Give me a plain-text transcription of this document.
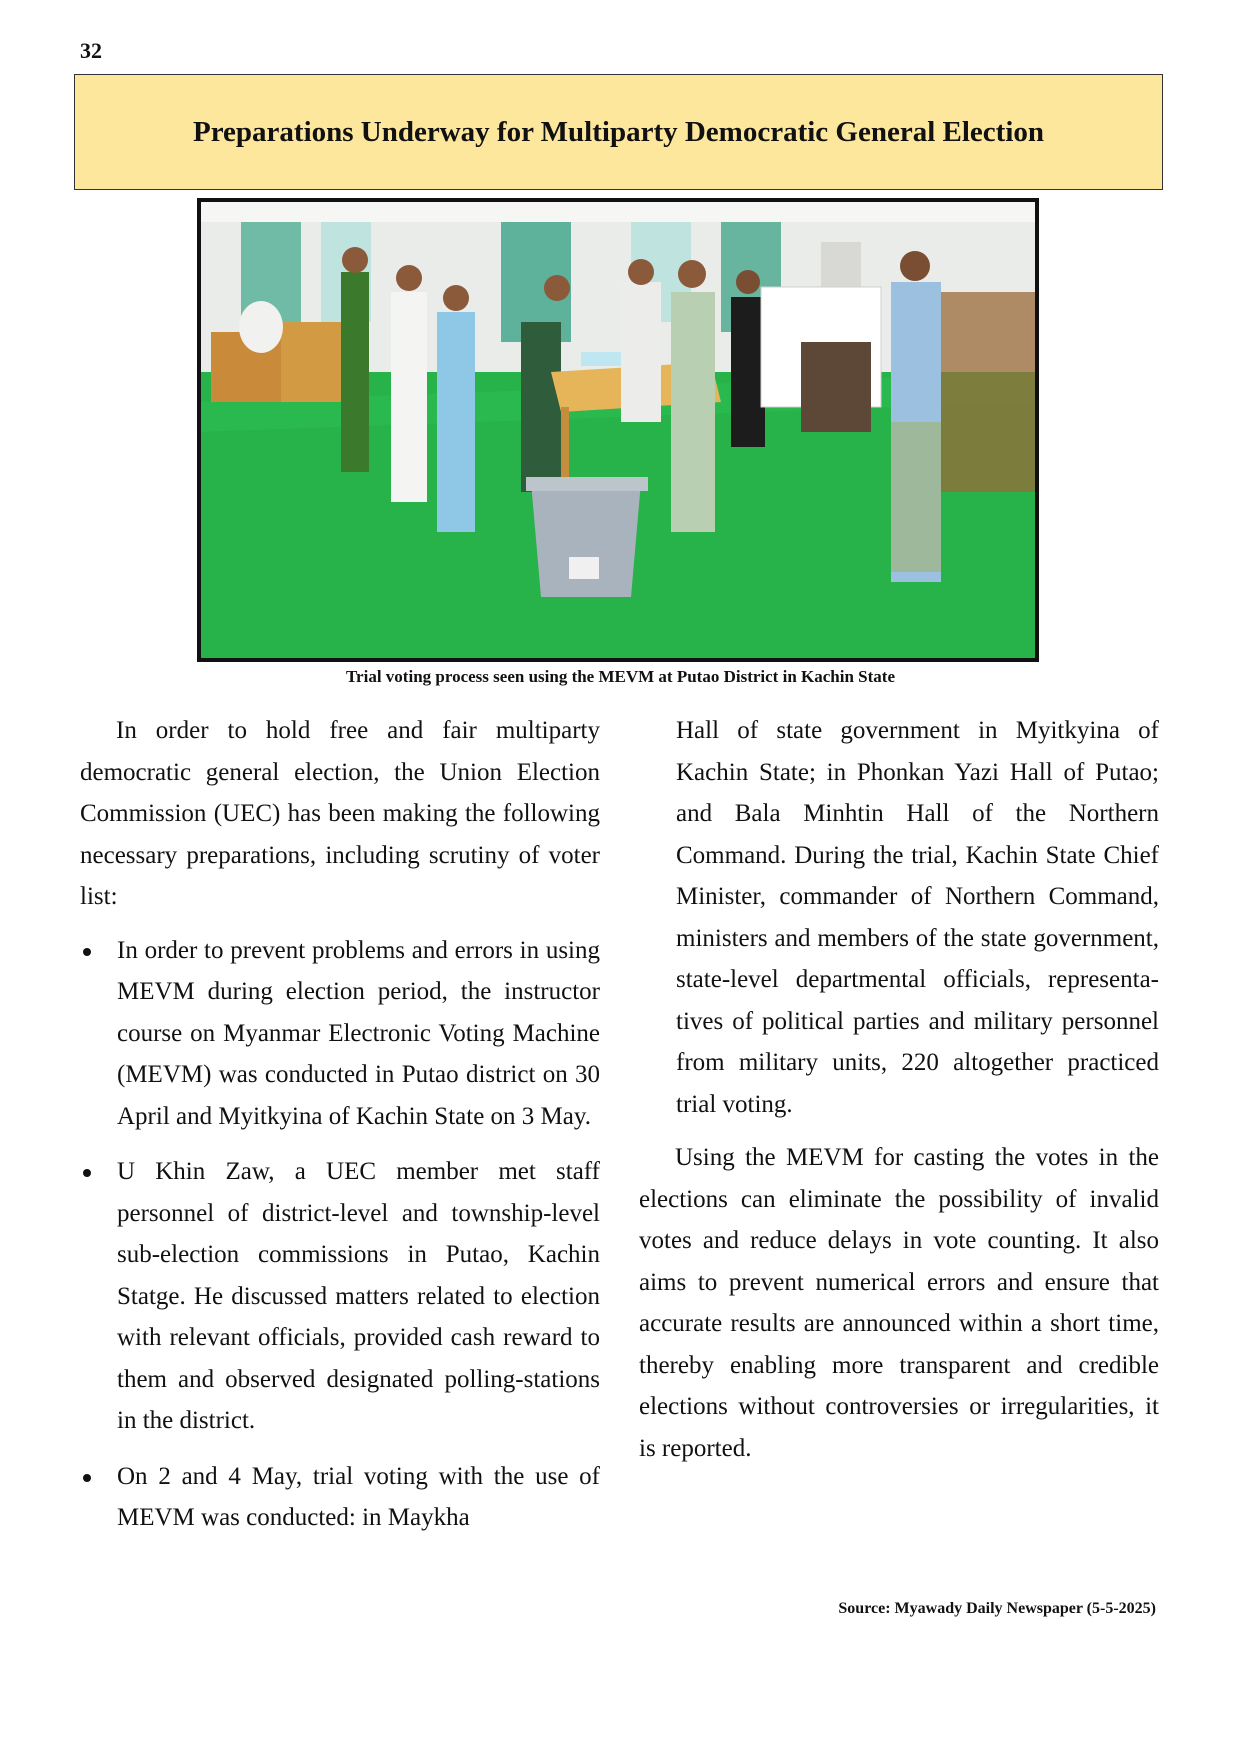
32
Preparations Underway for Multiparty Democratic General Election
Trial voting process seen using the MEVM at Putao District in Kachin State

In order to hold free and fair multiparty democratic general election, the Union Election Commission (UEC) has been making the following necessary preparations, including scrutiny of voter list:

In order to prevent problems and errors in using MEVM during election period, the instructor course on Myanmar Electronic Voting Machine (MEVM) was conducted in Putao district on 30 April and Myitkyina of Kachin State on 3 May.
U Khin Zaw, a UEC member met staff personnel of district-level and township-level sub-election commissions in Putao, Kachin Statge. He discussed matters related to election with relevant officials, provided cash reward to them and observed designated polling-stations in the district.
On 2 and 4 May, trial voting with the use of MEVM was conducted: in Maykha

Hall of state government in Myitkyina of Kachin State; in Phonkan Yazi Hall of Putao; and Bala Minhtin Hall of the Northern Command. During the trial, Kachin State Chief Minister, commander of Northern Command, ministers and members of the state government, state-level departmental officials, representatives of political parties and military personnel from military units, 220 altogether practiced trial voting.

Using the MEVM for casting the votes in the elections can eliminate the possibility of invalid votes and reduce delays in vote counting. It also aims to prevent numerical errors and ensure that accurate results are announced within a short time, thereby enabling more transparent and credible elections without controversies or irregularities, it is reported.

Source: Myawady Daily Newspaper (5-5-2025)
